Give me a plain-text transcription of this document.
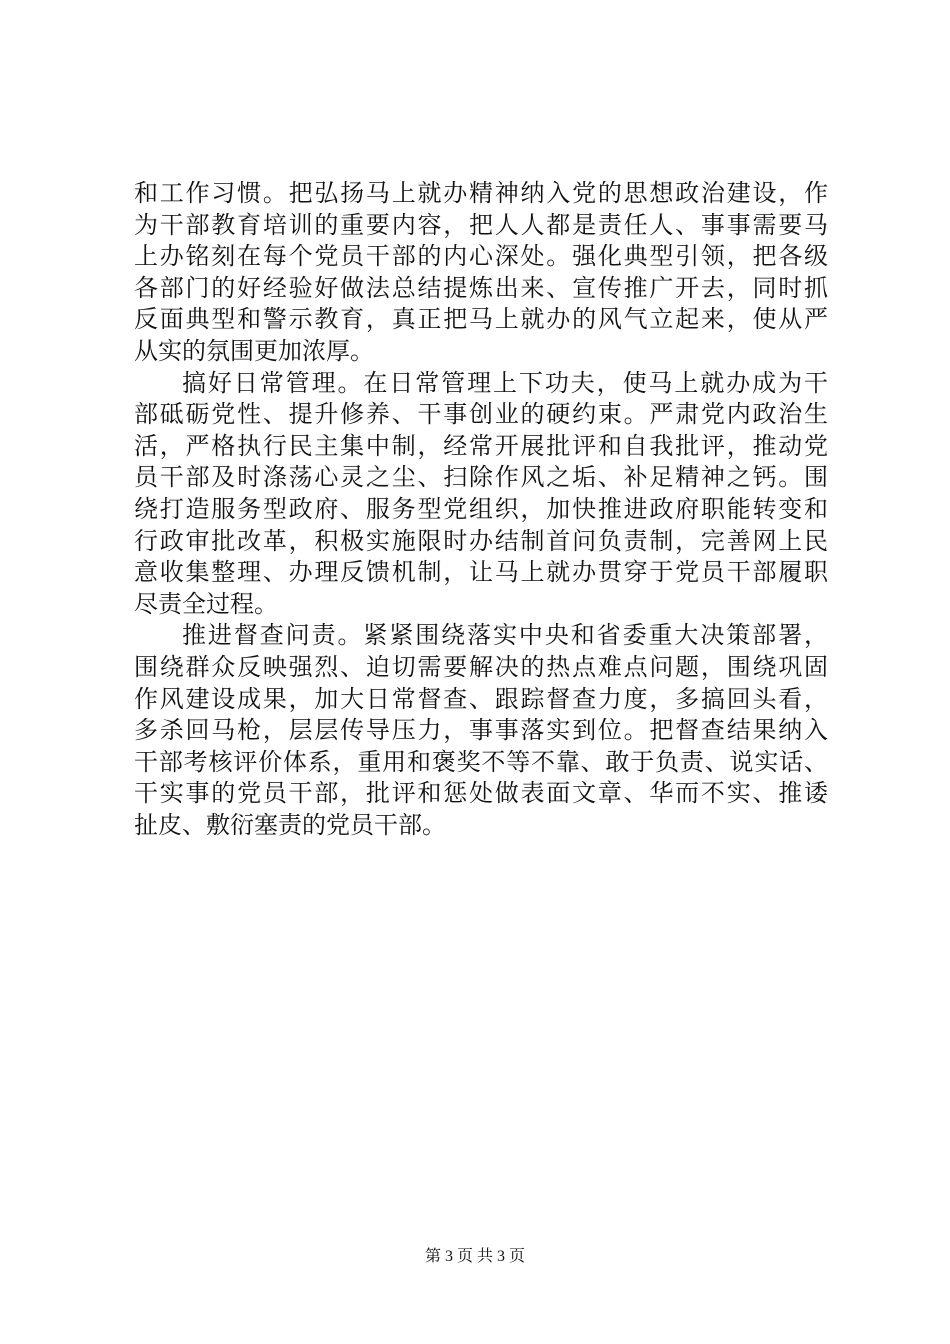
和工作习惯。把弘扬马上就办精神纳入党的思想政治建设，作
为干部教育培训的重要内容，把人人都是责任人、事事需要马
上办铭刻在每个党员干部的内心深处。强化典型引领，把各级
各部门的好经验好做法总结提炼出来、宣传推广开去，同时抓
反面典型和警示教育，真正把马上就办的风气立起来，使从严
从实的氛围更加浓厚。
搞好日常管理。在日常管理上下功夫，使马上就办成为干
部砥砺党性、提升修养、干事创业的硬约束。严肃党内政治生
活，严格执行民主集中制，经常开展批评和自我批评，推动党
员干部及时涤荡心灵之尘、扫除作风之垢、补足精神之钙。围
绕打造服务型政府、服务型党组织，加快推进政府职能转变和
行政审批改革，积极实施限时办结制首问负责制，完善网上民
意收集整理、办理反馈机制，让马上就办贯穿于党员干部履职
尽责全过程。
推进督查问责。紧紧围绕落实中央和省委重大决策部署，
围绕群众反映强烈、迫切需要解决的热点难点问题，围绕巩固
作风建设成果，加大日常督查、跟踪督查力度，多搞回头看，
多杀回马枪，层层传导压力，事事落实到位。把督查结果纳入
干部考核评价体系，重用和褒奖不等不靠、敢于负责、说实话、
干实事的党员干部，批评和惩处做表面文章、华而不实、推诿
扯皮、敷衍塞责的党员干部。
第 3 页 共 3 页
